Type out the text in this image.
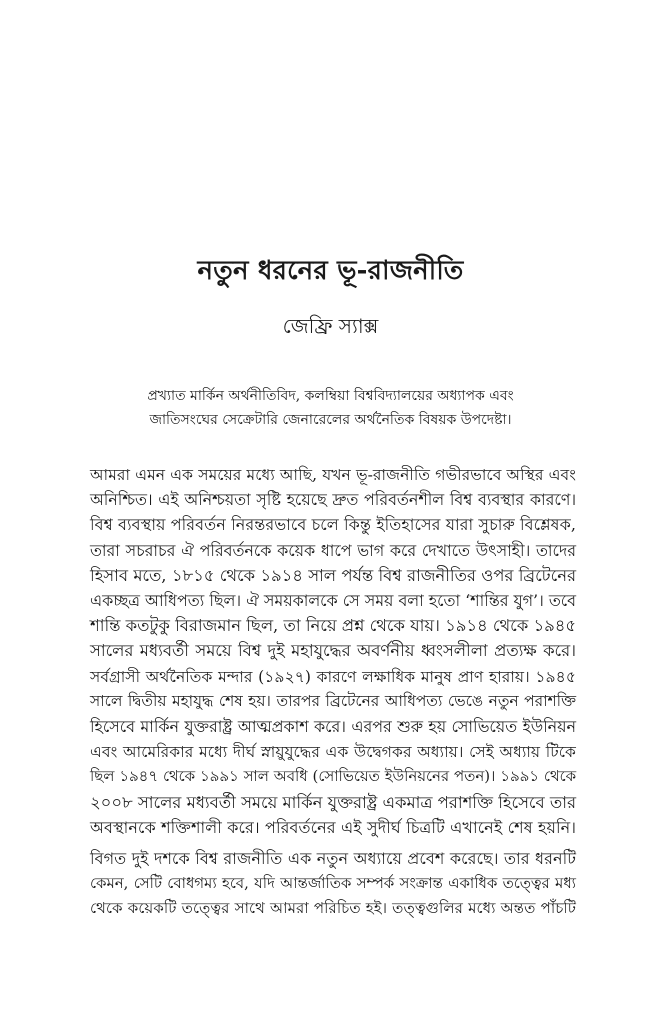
নতুন ধরনের ভূ-রাজনীতি
জেফ্রি স্যাক্স
প্রখ্যাত মার্কিন অর্থনীতিবিদ, কলম্বিয়া বিশ্ববিদ্যালয়ের অধ্যাপক এবং
জাতিসংঘের সেক্রেটারি জেনারেলের অর্থনৈতিক বিষয়ক উপদেষ্টা।

আমরা এমন এক সময়ের মধ্যে আছি, যখন ভূ-রাজনীতি গভীরভাবে অস্থির এবং
অনিশ্চিত। এই অনিশ্চয়তা সৃষ্টি হয়েছে দ্রুত পরিবর্তনশীল বিশ্ব ব্যবস্থার কারণে।
বিশ্ব ব্যবস্থায় পরিবর্তন নিরন্তরভাবে চলে কিন্তু ইতিহাসের যারা সুচারু বিশ্লেষক,
তারা সচরাচর ঐ পরিবর্তনকে কয়েক ধাপে ভাগ করে দেখাতে উৎসাহী। তাদের
হিসাব মতে, ১৮১৫ থেকে ১৯১৪ সাল পর্যন্ত বিশ্ব রাজনীতির ওপর ব্রিটেনের
একচ্ছত্র আধিপত্য ছিল। ঐ সময়কালকে সে সময় বলা হতো ‘শান্তির যুগ’। তবে
শান্তি কতটুকু বিরাজমান ছিল, তা নিয়ে প্রশ্ন থেকে যায়। ১৯১৪ থেকে ১৯৪৫
সালের মধ্যবর্তী সময়ে বিশ্ব দুই মহাযুদ্ধের অবর্ণনীয় ধ্বংসলীলা প্রত্যক্ষ করে।
সর্বগ্রাসী অর্থনৈতিক মন্দার (১৯২৭) কারণে লক্ষাধিক মানুষ প্রাণ হারায়। ১৯৪৫
সালে দ্বিতীয় মহাযুদ্ধ শেষ হয়। তারপর ব্রিটেনের আধিপত্য ভেঙে নতুন পরাশক্তি
হিসেবে মার্কিন যুক্তরাষ্ট্র আত্মপ্রকাশ করে। এরপর শুরু হয় সোভিয়েত ইউনিয়ন
এবং আমেরিকার মধ্যে দীর্ঘ স্নায়ুযুদ্ধের এক উদ্বেগকর অধ্যায়। সেই অধ্যায় টিকে
ছিল ১৯৪৭ থেকে ১৯৯১ সাল অবধি (সোভিয়েত ইউনিয়নের পতন)। ১৯৯১ থেকে
২০০৮ সালের মধ্যবর্তী সময়ে মার্কিন যুক্তরাষ্ট্র একমাত্র পরাশক্তি হিসেবে তার
অবস্থানকে শক্তিশালী করে। পরিবর্তনের এই সুদীর্ঘ চিত্রটি এখানেই শেষ হয়নি।

বিগত দুই দশকে বিশ্ব রাজনীতি এক নতুন অধ্যায়ে প্রবেশ করেছে। তার ধরনটি
কেমন, সেটি বোধগম্য হবে, যদি আন্তর্জাতিক সম্পর্ক সংক্রান্ত একাধিক তত্ত্বের মধ্য
থেকে কয়েকটি তত্ত্বের সাথে আমরা পরিচিত হই। তত্ত্বগুলির মধ্যে অন্তত পাঁচটি
